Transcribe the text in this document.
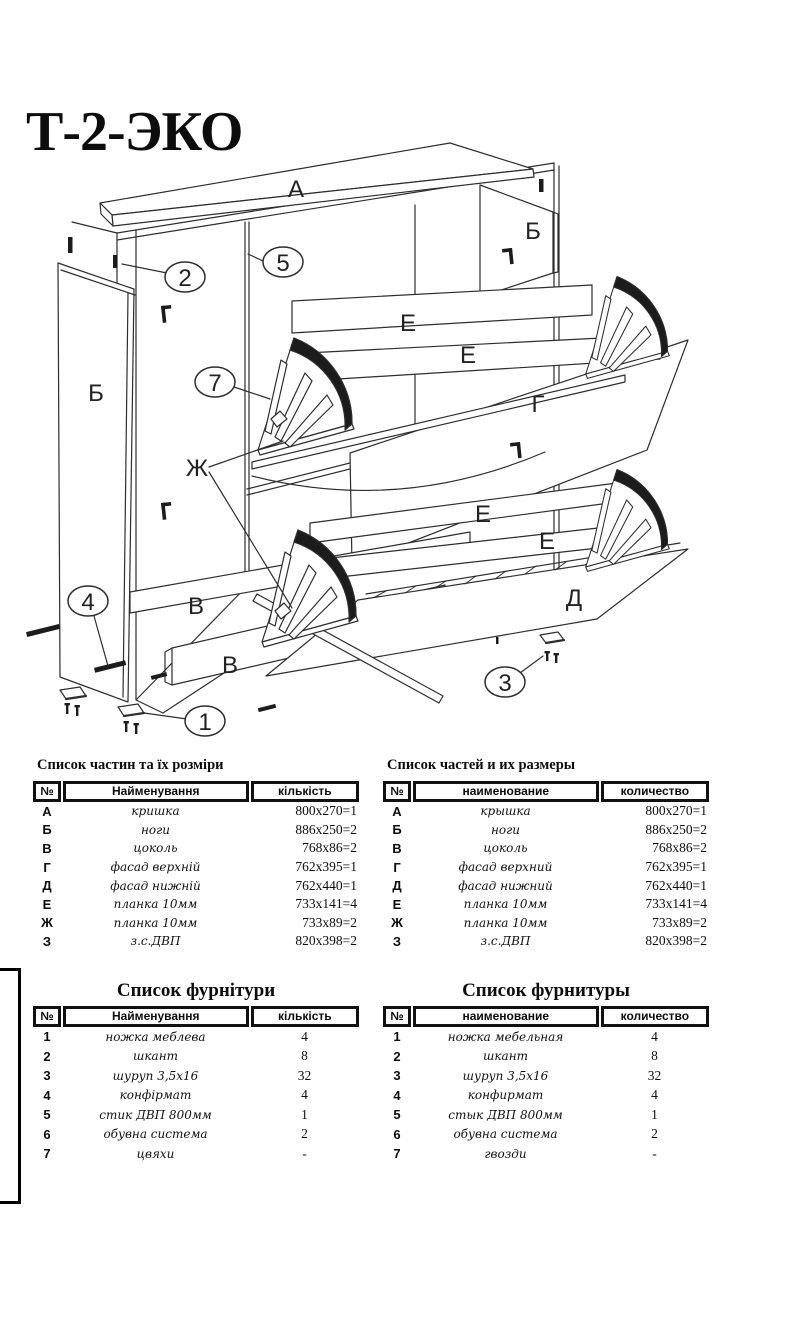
Т-2-ЭКО
1
2
3
4
5
7
А
Б
Б
В
В
Г
Д
Е
Е
Е
Е
Ж
Список частин та їх розміри
№	Найменування	кількість
А	кришка	800x270=1
Б	ноги	886x250=2
В	цоколь	768x86=2
Г	фасад верхній	762x395=1
Д	фасад нижній	762x440=1
Е	планка 10мм	733x141=4
Ж	планка 10мм	733x89=2
З	з.с.ДВП	820x398=2
Список частей и их размеры
№	наименование	количество
А	крышка	800x270=1
Б	ноги	886x250=2
В	цоколь	768x86=2
Г	фасад верхний	762x395=1
Д	фасад нижний	762x440=1
Е	планка 10мм	733x141=4
Ж	планка 10мм	733x89=2
З	з.с.ДВП	820x398=2
Список фурнітури
№	Найменування	кількість
1	ножка меблева	4
2	шкант	8
3	шуруп 3,5х16	32
4	конфірмат	4
5	стик ДВП 800мм	1
6	обувна система	2
7	цвяхи	-
Список фурнитуры
№	наименование	количество
1	ножка мебельная	4
2	шкант	8
3	шуруп 3,5х16	32
4	конфирмат	4
5	стык ДВП 800мм	1
6	обувна система	2
7	гвозди	-
